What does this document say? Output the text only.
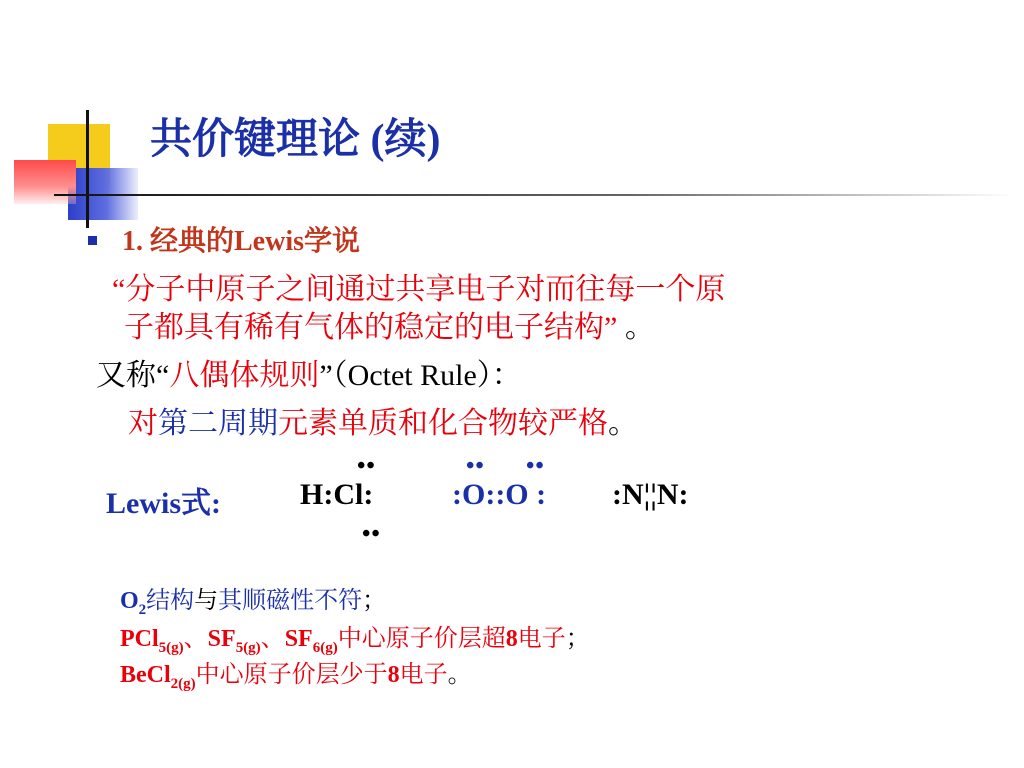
共价键理论 (续)
1. 经典的Lewis学说
“分子中原子之间通过共享电子对而往每一个原
子都具有稀有气体的稳定的电子结构” 。
又称“八偶体规则”（Octet Rule）：
对第二周期元素单质和化合物较严格。
Lewis式:
••
H:Cl:
••
•• ••
:O::O : :N¦¦N:
$O_2$结构与其顺磁性不符；
PCl$_{5(g)}$、$SF_{5(g)}$、$SF_{6(g)}$中心原子价层超8电子；
BeCl$_{2(g)}$中心原子价层少于8电子。
